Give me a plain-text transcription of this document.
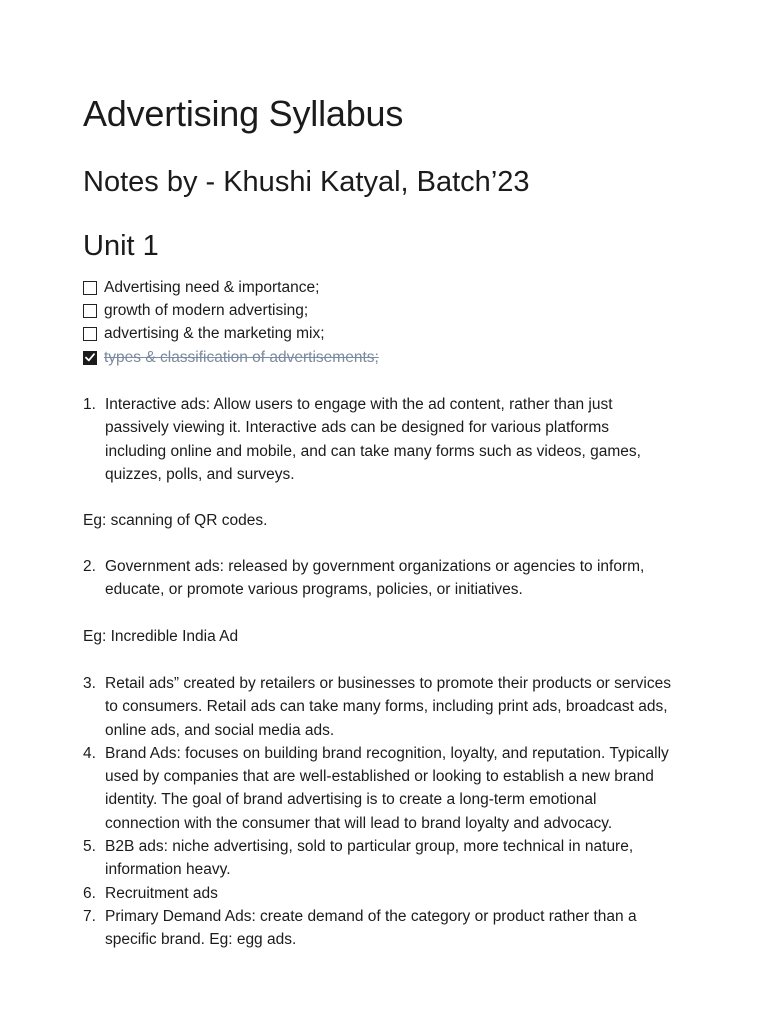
Advertising Syllabus
Notes by - Khushi Katyal, Batch’23
Unit 1
Advertising need & importance;
growth of modern advertising;
advertising & the marketing mix;
types & classification of advertisements;
1. Interactive ads: Allow users to engage with the ad content, rather than just passively viewing it. Interactive ads can be designed for various platforms including online and mobile, and can take many forms such as videos, games, quizzes, polls, and surveys.

Eg: scanning of QR codes.

2. Government ads: released by government organizations or agencies to inform, educate, or promote various programs, policies, or initiatives.

Eg: Incredible India Ad

3. Retail ads” created by retailers or businesses to promote their products or services to consumers. Retail ads can take many forms, including print ads, broadcast ads, online ads, and social media ads.
4. Brand Ads: focuses on building brand recognition, loyalty, and reputation. Typically used by companies that are well-established or looking to establish a new brand identity. The goal of brand advertising is to create a long-term emotional connection with the consumer that will lead to brand loyalty and advocacy.
5. B2B ads: niche advertising, sold to particular group, more technical in nature, information heavy.
6. Recruitment ads
7. Primary Demand Ads: create demand of the category or product rather than a specific brand. Eg: egg ads.
